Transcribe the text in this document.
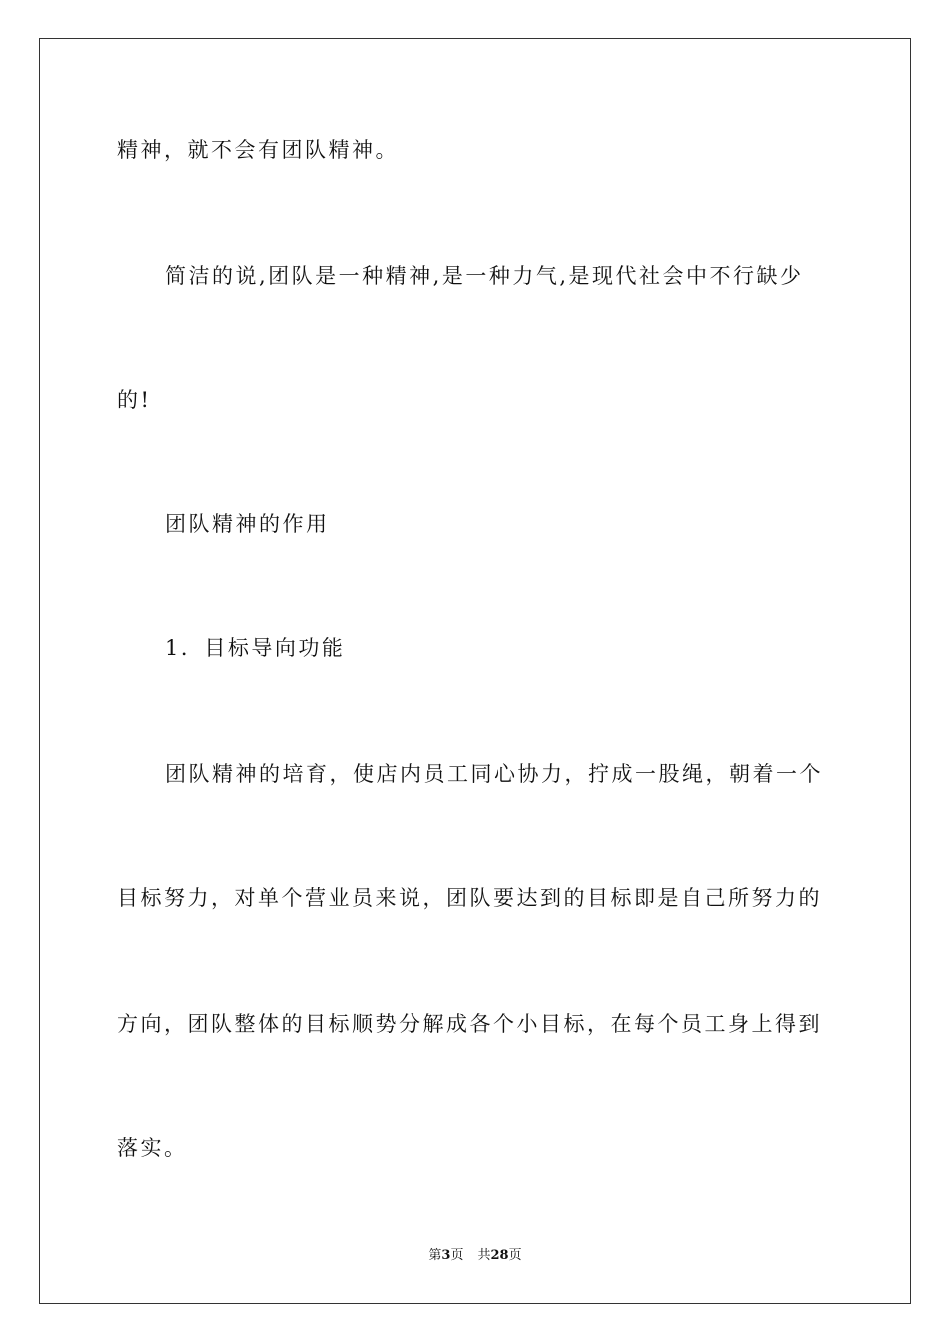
精神，就不会有团队精神。
简洁的说,团队是一种精神,是一种力气,是现代社会中不行缺少
的!
团队精神的作用
1．目标导向功能
团队精神的培育，使店内员工同心协力，拧成一股绳，朝着一个
目标努力，对单个营业员来说，团队要达到的目标即是自己所努力的
方向，团队整体的目标顺势分解成各个小目标，在每个员工身上得到
落实。
第3页 共28页
